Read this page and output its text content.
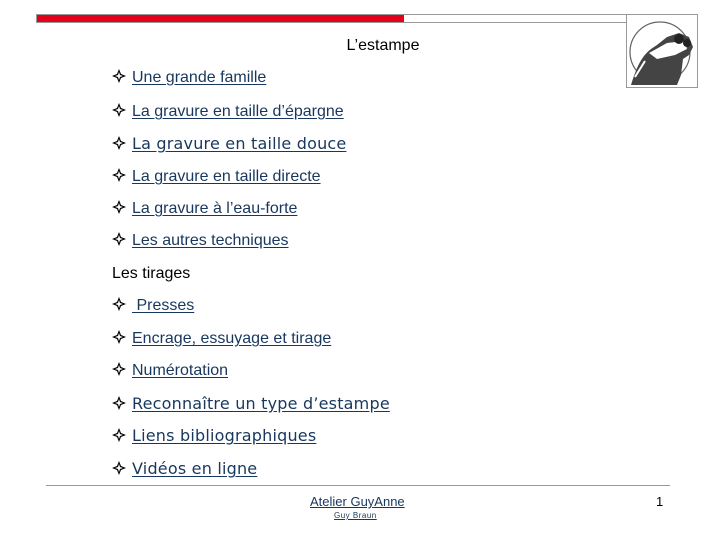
L’estampe
Une grande famille
La gravure en taille d’épargne
La gravure en taille douce
La gravure en taille directe
La gravure à l’eau-forte
Les autres techniques
Les tirages
Presses
Encrage, essuyage et tirage
Numérotation
Reconnaître un type d’estampe
Liens bibliographiques
Vidéos en ligne
Atelier GuyAnne
Guy Braun
1
